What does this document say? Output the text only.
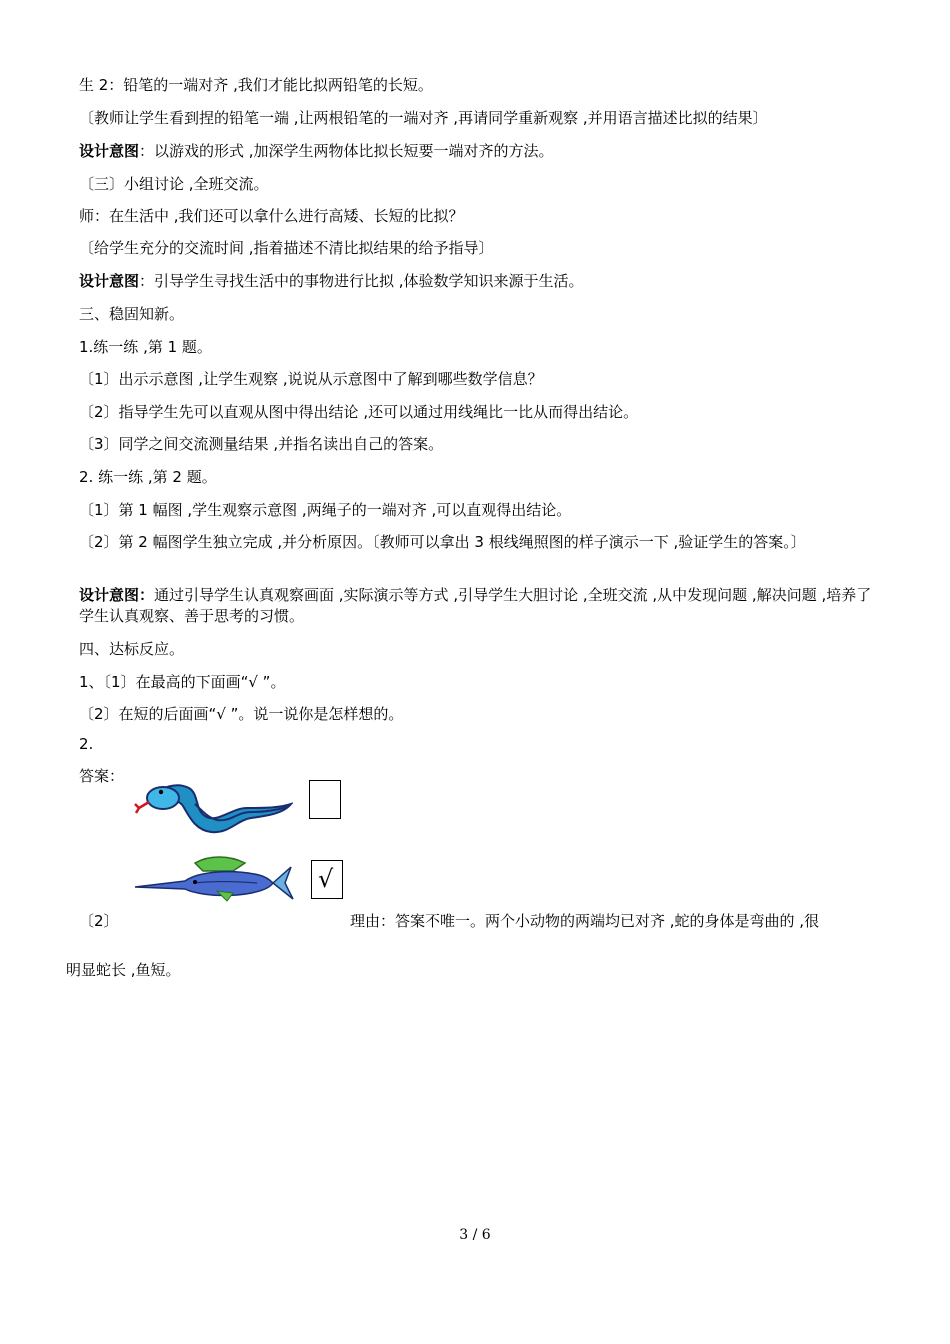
生 2：铅笔的一端对齐 ,我们才能比拟两铅笔的长短。
〔教师让学生看到捏的铅笔一端 ,让两根铅笔的一端对齐 ,再请同学重新观察 ,并用语言描述比拟的结果〕
设计意图：以游戏的形式 ,加深学生两物体比拟长短要一端对齐的方法。
〔三〕小组讨论 ,全班交流。
师：在生活中 ,我们还可以拿什么进行高矮、长短的比拟？
〔给学生充分的交流时间 ,指着描述不清比拟结果的给予指导〕
设计意图：引导学生寻找生活中的事物进行比拟 ,体验数学知识来源于生活。
三、稳固知新。
1.练一练 ,第 1 题。
〔1〕出示示意图 ,让学生观察 ,说说从示意图中了解到哪些数学信息？
〔2〕指导学生先可以直观从图中得出结论 ,还可以通过用线绳比一比从而得出结论。
〔3〕同学之间交流测量结果 ,并指名读出自己的答案。
2. 练一练 ,第 2 题。
〔1〕第 1 幅图 ,学生观察示意图 ,两绳子的一端对齐 ,可以直观得出结论。
〔2〕第 2 幅图学生独立完成 ,并分析原因。〔教师可以拿出 3 根线绳照图的样子演示一下 ,验证学生的答案。〕
设计意图：通过引导学生认真观察画面 ,实际演示等方式 ,引导学生大胆讨论 ,全班交流 ,从中发现问题 ,解决问题 ,培养了学生认真观察、善于思考的习惯。
四、达标反应。
1、〔1〕在最高的下面画“√ ”。
〔2〕在短的后面画“√ ”。说一说你是怎样想的。
2.
答案：
√
〔2〕	理由：答案不唯一。两个小动物的两端均已对齐 ,蛇的身体是弯曲的 ,很
明显蛇长 ,鱼短。
3 / 6
